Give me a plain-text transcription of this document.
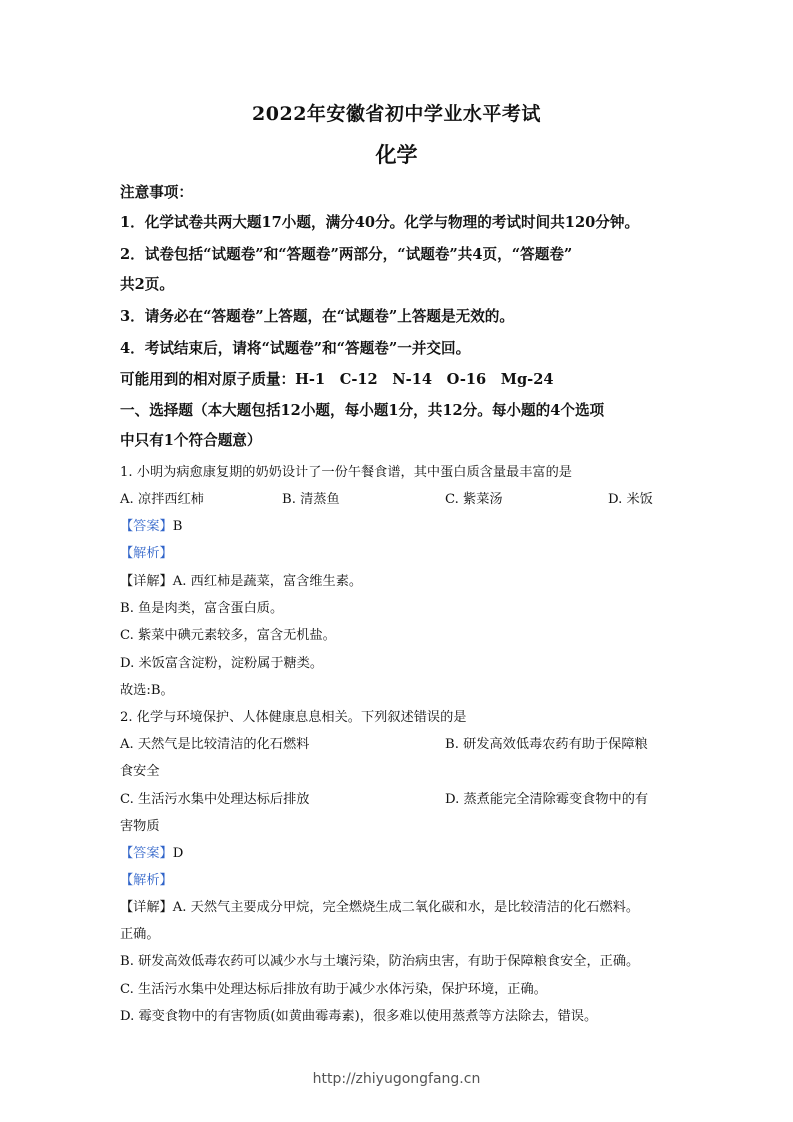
2022年安徽省初中学业水平考试
化学
注意事项：
1．化学试卷共两大题17小题，满分40分。化学与物理的考试时间共120分钟。
2．试卷包括“试题卷”和“答题卷”两部分，“试题卷”共4页，“答题卷”
共2页。
3．请务必在“答题卷”上答题，在“试题卷”上答题是无效的。
4．考试结束后，请将“试题卷”和“答题卷”一并交回。
可能用到的相对原子质量：H-1　C-12　N-14　O-16　Mg-24
一、选择题（本大题包括12小题，每小题1分，共12分。每小题的4个选项
中只有1个符合题意）
1. 小明为病愈康复期的奶奶设计了一份午餐食谱，其中蛋白质含量最丰富的是
A. 凉拌西红柿	B. 清蒸鱼	C. 紫菜汤	D. 米饭
【答案】B
【解析】
【详解】A. 西红柿是蔬菜，富含维生素。
B. 鱼是肉类，富含蛋白质。
C. 紫菜中碘元素较多，富含无机盐。
D. 米饭富含淀粉，淀粉属于糖类。
故选:B。
2. 化学与环境保护、人体健康息息相关。下列叙述错误的是
A. 天然气是比较清洁的化石燃料	B. 研发高效低毒农药有助于保障粮
食安全
C. 生活污水集中处理达标后排放	D. 蒸煮能完全清除霉变食物中的有
害物质
【答案】D
【解析】
【详解】A. 天然气主要成分甲烷，完全燃烧生成二氧化碳和水，是比较清洁的化石燃料。
正确。
B. 研发高效低毒农药可以减少水与土壤污染，防治病虫害，有助于保障粮食安全，正确。
C. 生活污水集中处理达标后排放有助于减少水体污染，保护环境，正确。
D. 霉变食物中的有害物质(如黄曲霉毒素)，很多难以使用蒸煮等方法除去，错误。
http://zhiyugongfang.cn
